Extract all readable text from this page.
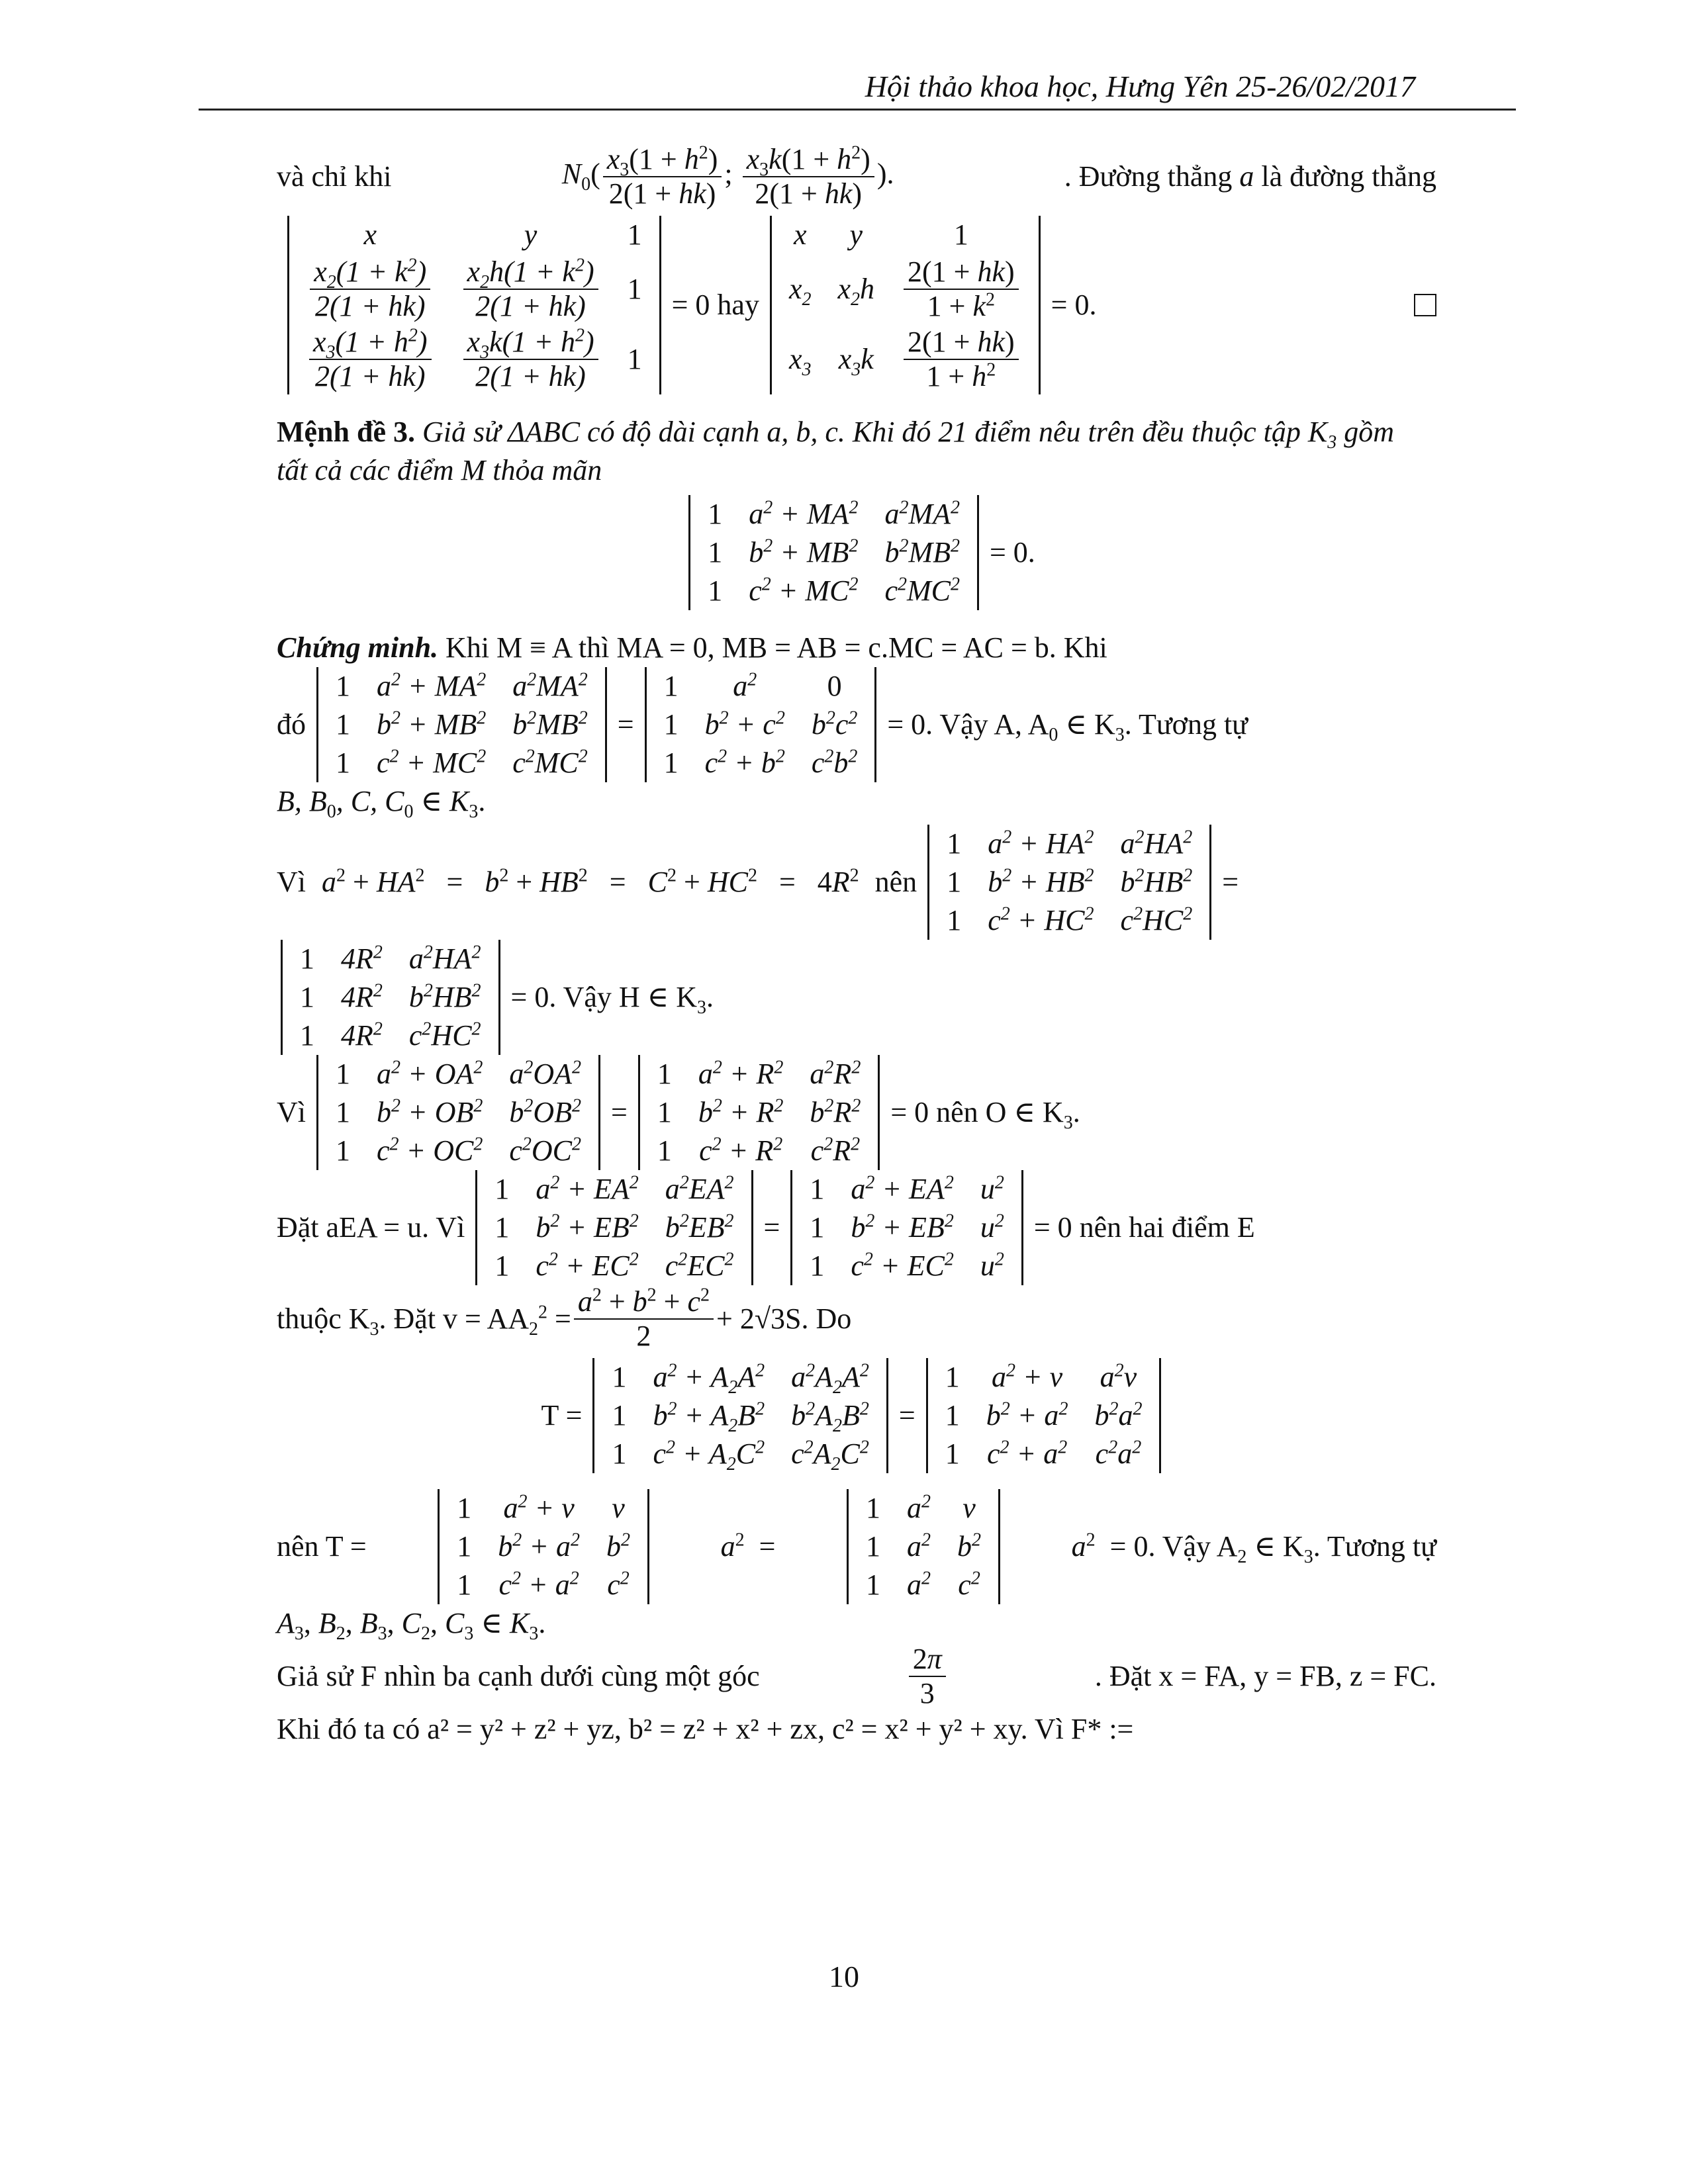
Hội thảo khoa học, Hưng Yên 25-26/02/2017
và chỉ khi	$N_0( \frac{x_3(1 + h^2)}{2(1 + hk)}$ ; $\frac{x_3k(1 + h^2)}{2(1 + hk)}$ ).	. Đường thẳng a là đường thẳng
x	y	1

$\frac{x_2(1 + k^2)}{2(1 + hk)}$	$\frac{x_2h(1 + k^2)}{2(1 + hk)}$	1

$\frac{x_3(1 + h^2)}{2(1 + hk)}$	$\frac{x_3k(1 + h^2)}{2(1 + hk)}$	1
= 0 hay
x	y	1
$x_2$	$x_2h$	$\frac{2(1 + hk)}{1 + k^2}$

$x_3$	$x_3k$	$\frac{2(1 + hk)}{1 + h^2}$
= 0.
Mệnh đề 3. Giả sử ΔABC có độ dài cạnh a, b, c. Khi đó 21 điểm nêu trên đều thuộc tập $K_3$ gồm
tất cả các điểm M thỏa mãn
1	$a^2 + MA^2$	$a^2MA^2$
1	$b^2 + MB^2$	$b^2MB^2$
1	$c^2 + MC^2$	$c^2MC^2$
= 0.
Chứng minh. Khi M ≡ A thì MA = 0, MB = AB = c.MC = AC = b. Khi
đó
1	$a^2 + MA^2$	$a^2MA^2$
1	$b^2 + MB^2$	$b^2MB^2$
1	$c^2 + MC^2$	$c^2MC^2$
=
1	$a^2$	0
1	$b^2 + c^2$	$b^2c^2$
1	$c^2 + b^2$	$c^2b^2$
= 0. Vậy A, $A_0$ ∈ $K_3$. Tương tự
B, $B_0$, C, $C_0$ ∈ $K_3$.
Vì $a^2 + HA^2 = b^2 + HB^2 = C^2 + HC^2 = 4R^2$ nên
1	$a^2 + HA^2$	$a^2HA^2$
1	$b^2 + HB^2$	$b^2HB^2$
1	$c^2 + HC^2$	$c^2HC^2$
=
1	$4R^2$	$a^2HA^2$
1	$4R^2$	$b^2HB^2$
1	$4R^2$	$c^2HC^2$
= 0. Vậy H ∈ $K_3$.
Vì
1	$a^2 + OA^2$	$a^2OA^2$
1	$b^2 + OB^2$	$b^2OB^2$
1	$c^2 + OC^2$	$c^2OC^2$
=
1	$a^2 + R^2$	$a^2R^2$
1	$b^2 + R^2$	$b^2R^2$
1	$c^2 + R^2$	$c^2R^2$
= 0 nên O ∈ $K_3$.
Đặt aEA = u. Vì
1	$a^2 + EA^2$	$a^2EA^2$
1	$b^2 + EB^2$	$b^2EB^2$
1	$c^2 + EC^2$	$c^2EC^2$
=
1	$a^2 + EA^2$	$u^2$
1	$b^2 + EB^2$	$u^2$
1	$c^2 + EC^2$	$u^2$
= 0 nên hai điểm E
thuộc $K_3$. Đặt $v = AA_2^2 = \frac{a^2 + b^2 + c^2}{2} + 2√3S$. Do
T =
1	$a^2 + A_2A^2$	$a^2A_2A^2$
1	$b^2 + A_2B^2$	$b^2A_2B^2$
1	$c^2 + A_2C^2$	$c^2A_2C^2$
=
1	$a^2 + v$	$a^2v$
1	$b^2 + a^2$	$b^2a^2$
1	$c^2 + a^2$	$c^2a^2$
nên T =
1	$a^2 + v$	v
1	$b^2 + a^2$	$b^2$
1	$c^2 + a^2$	$c^2$
$a^2$  =
1	$a^2$	v
1	$a^2$	$b^2$
1	$a^2$	$c^2$
$a^2 = 0$. Vậy $A_2$ ∈ $K_3$. Tương tự
$A_3$, $B_2$, $B_3$, $C_2$, $C_3$ ∈ $K_3$.
Giả sử F nhìn ba cạnh dưới cùng một góc	$\frac{2\pi}{3}$	. Đặt x = FA, y = FB, z = FC.
Khi đó ta có a² = y² + z² + yz, b² = z² + x² + zx, c² = x² + y² + xy. Vì F* :=
10
